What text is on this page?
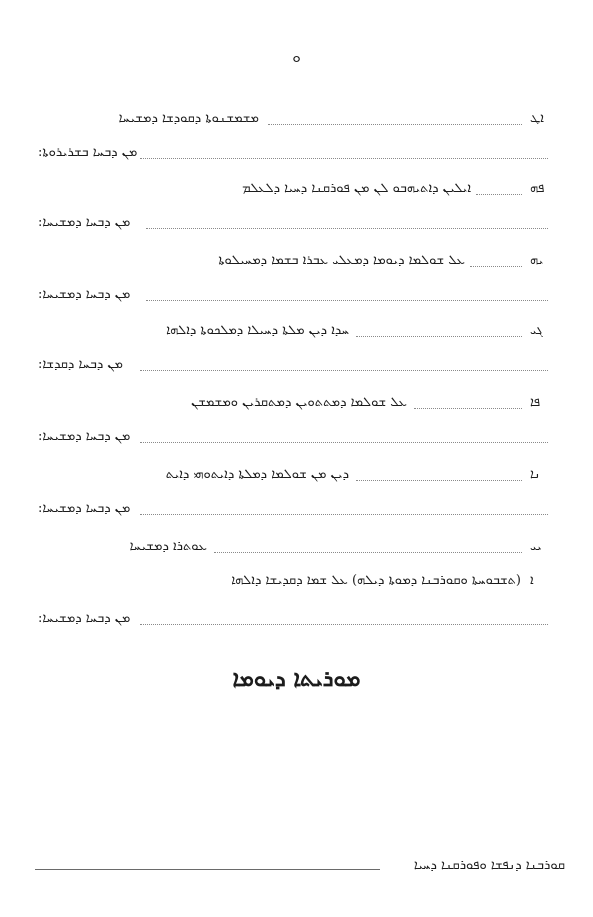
ܘ
ܐܛ
ܡܫܡܫܢܘܬܐ ܕܩܘܕܫܐ ܕܡܫܝܚܐ
ܡܢ ܕܒܚܐ ܒܫܪܝܪܘܬܐ:
ܦܗ
ܐܝܠܝܢ ܕܐܬܝܗܒܘ ܠܢ ܡܢ ܦܘܪܩܢܐ ܕܚܝܐ ܕܠܥܠܡ
ܡܢ ܕܒܚܐ ܕܡܫܝܚܐ:
ܝܗ
ܥܠ ܫܘܠܡܐ ܕܝܘܡܐ ܕܡܥܠܝ ܥܒܪܐ ܒܫܡܐ ܕܡܚܝܠܘܬܐ
ܡܢ ܕܒܚܐ ܕܡܫܝܚܐ:
ܓܝ
ܚܕܐ ܕܝܢ ܡܠܬܐ ܕܚܝܠܐ ܕܡܠܟܘܬܐ ܕܐܠܗܐ
ܡܢ ܕܒܚܐ ܕܩܕܫܐ:
ܦܐ
ܥܠ ܫܘܠܡܐ ܕܡܬܬܘܝܢ ܕܡܬܩܪܝܢ ܘܡܫܡܫܢ
ܡܢ ܕܒܚܐ ܕܡܫܝܚܐ:
ܢܐ
ܕܝܢ ܡܢ ܫܘܠܡܐ ܕܡܠܬܐ ܕܐܝܬܘܗܝ ܕܐܝܬ
ܡܢ ܕܒܚܐ ܕܡܫܝܚܐ:
ܝܝ
ܥܘܬܪܐ ܕܡܫܝܚܐ
ܐ
(ܬܫܒܘܚܬܐ ܘܩܘܪܒܢܐ ܕܡܘܬܐ ܕܝܠܗ) ܥܠ ܫܡܐ ܕܩܕܝܫܐ ܕܐܠܗܐ
ܡܢ ܕܒܚܐ ܕܡܫܝܚܐ:
ܡܘܪܝܬܐ ܕܝܘܡܐ
ܩܘܪܒܢܐ ܕܢܦܫܐ ܘܦܘܪܩܢܐ ܕܚܝܐ
